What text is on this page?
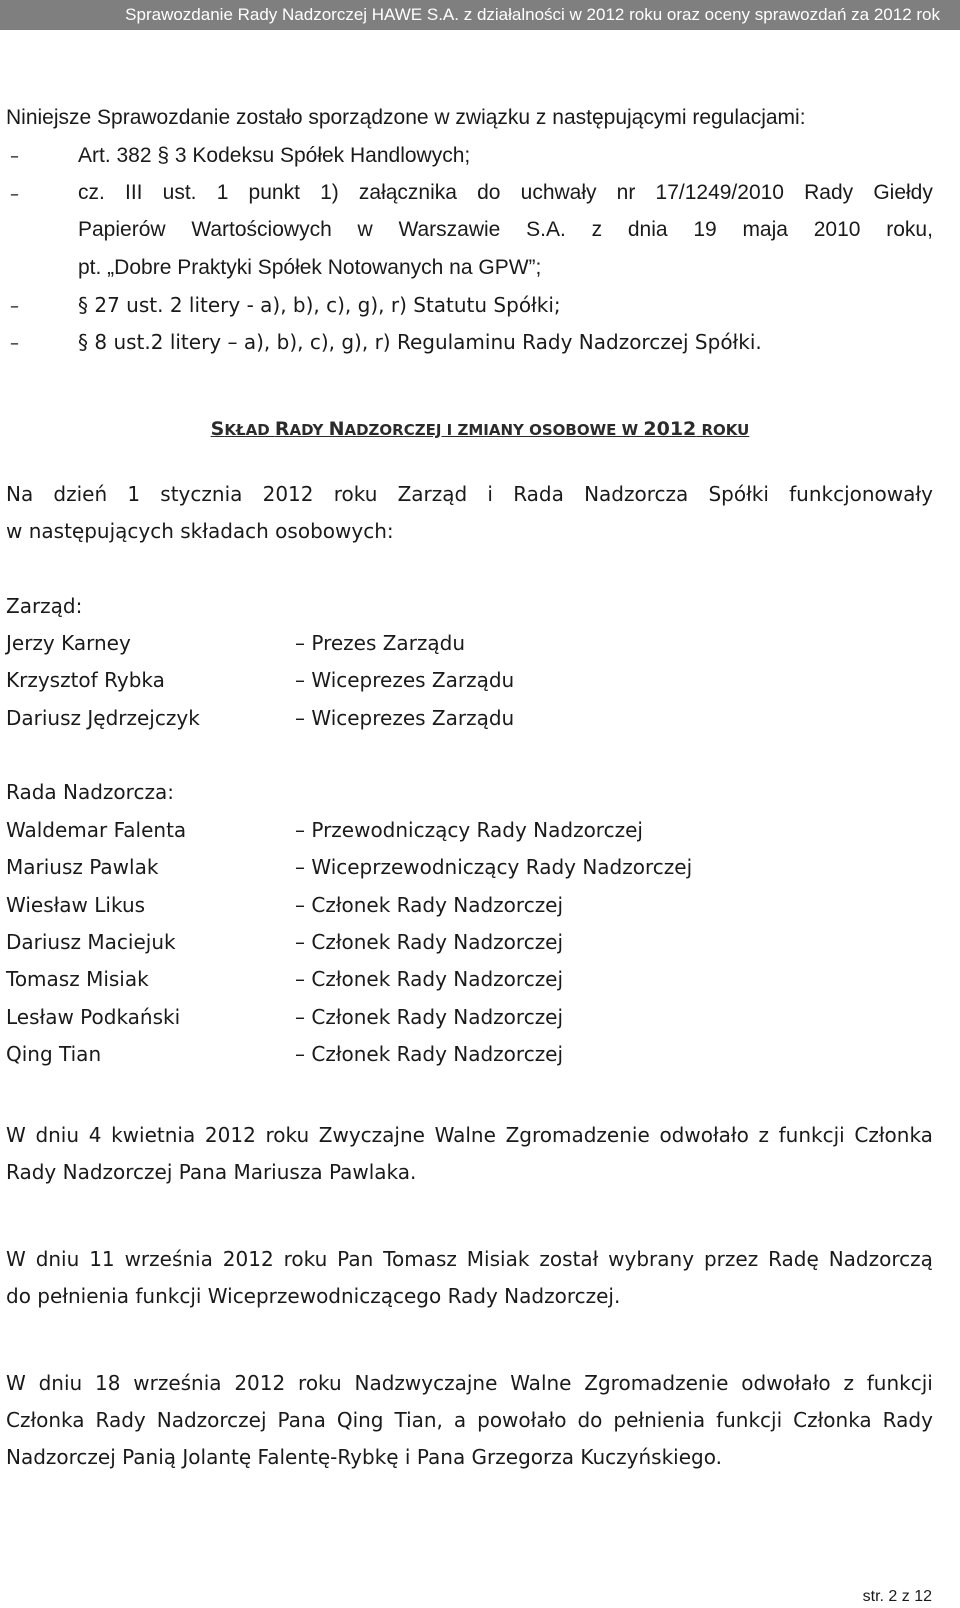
Sprawozdanie Rady Nadzorczej HAWE S.A. z działalności w 2012 roku oraz oceny sprawozdań za 2012 rok
Niniejsze Sprawozdanie zostało sporządzone w związku z następującymi regulacjami:
–	Art. 382 § 3 Kodeksu Spółek Handlowych;
–	cz. III ust. 1 punkt 1) załącznika do uchwały nr 17/1249/2010 Rady Giełdy
Papierów Wartościowych w Warszawie S.A. z dnia 19 maja 2010 roku,
pt. „Dobre Praktyki Spółek Notowanych na GPW”;
–	§ 27 ust. 2 litery - a), b), c), g), r) Statutu Spółki;
–	§ 8 ust.2 litery – a), b), c), g), r) Regulaminu Rady Nadzorczej Spółki.
SKŁAD RADY NADZORCZEJ I ZMIANY OSOBOWE W 2012 ROKU
Na dzień 1 stycznia 2012 roku Zarząd i Rada Nadzorcza Spółki funkcjonowały
w następujących składach osobowych:
Zarząd:
Jerzy Karney	– Prezes Zarządu
Krzysztof Rybka	– Wiceprezes Zarządu
Dariusz Jędrzejczyk	– Wiceprezes Zarządu
Rada Nadzorcza:
Waldemar Falenta	– Przewodniczący Rady Nadzorczej
Mariusz Pawlak	– Wiceprzewodniczący Rady Nadzorczej
Wiesław Likus	– Członek Rady Nadzorczej
Dariusz Maciejuk	– Członek Rady Nadzorczej
Tomasz Misiak	– Członek Rady Nadzorczej
Lesław Podkański	– Członek Rady Nadzorczej
Qing Tian	– Członek Rady Nadzorczej
W dniu 4 kwietnia 2012 roku Zwyczajne Walne Zgromadzenie odwołało z funkcji Członka
Rady Nadzorczej Pana Mariusza Pawlaka.
W dniu 11 września 2012 roku Pan Tomasz Misiak został wybrany przez Radę Nadzorczą
do pełnienia funkcji Wiceprzewodniczącego Rady Nadzorczej.
W dniu 18 września 2012 roku Nadzwyczajne Walne Zgromadzenie odwołało z funkcji
Członka Rady Nadzorczej Pana Qing Tian, a powołało do pełnienia funkcji Członka Rady
Nadzorczej Panią Jolantę Falentę-Rybkę i Pana Grzegorza Kuczyńskiego.
str. 2 z 12
